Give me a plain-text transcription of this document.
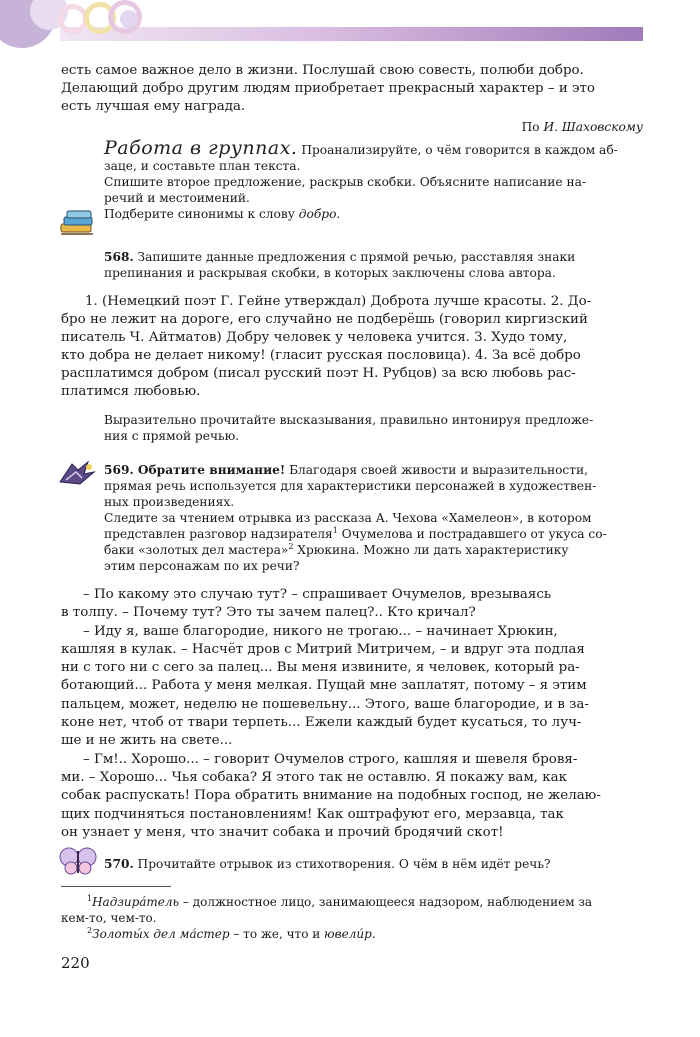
есть самое важное дело в жизни. Послушай свою совесть, полюби добро.
Делающий добро другим людям приобретает прекрасный характер – и это
есть лучшая ему награда.

По И. Шаховскому

Работа в группах. Проанализируйте, о чём говорится в каждом аб-
заце, и составьте план текста.
Спишите второе предложение, раскрыв скобки. Объясните написание на-
речий и местоимений.
Подберите синонимы к слову добро.

568. Запишите данные предложения с прямой речью, расставляя знаки
препинания и раскрывая скобки, в которых заключены слова автора.

1. (Немецкий поэт Г. Гейне утверждал) Доброта лучше красоты. 2. До-
бро не лежит на дороге, его случайно не подберёшь (говорил киргизский
писатель Ч. Айтматов) Добру человек у человека учится. 3. Худо тому,
кто добра не делает никому! (гласит русская пословица). 4. За всё добро
расплатимся добром (писал русский поэт Н. Рубцов) за всю любовь рас-
платимся любовью.

Выразительно прочитайте высказывания, правильно интонируя предложе-
ния с прямой речью.

569. Обратите внимание! Благодаря своей живости и выразительности,
прямая речь используется для характеристики персонажей в художествен-
ных произведениях.
Следите за чтением отрывка из рассказа А. Чехова «Хамелеон», в котором
представлен разговор надзирателя$^1$ Очумелова и пострадавшего от укуса со-
баки «золотых дел мастера»$^2$ Хрюкина. Можно ли дать характеристику
этим персонажам по их речи?

– По какому это случаю тут? – спрашивает Очумелов, врезываясь
в толпу. – Почему тут? Это ты зачем палец?.. Кто кричал?
– Иду я, ваше благородие, никого не трогаю... – начинает Хрюкин,
кашляя в кулак. – Насчёт дров с Митрий Митричем, – и вдруг эта подлая
ни с того ни с сего за палец... Вы меня извините, я человек, который ра-
ботающий... Работа у меня мелкая. Пущай мне заплатят, потому – я этим
пальцем, может, неделю не пошевельну... Этого, ваше благородие, и в за-
коне нет, чтоб от твари терпеть... Ежели каждый будет кусаться, то луч-
ше и не жить на свете...
– Гм!.. Хорошо... – говорит Очумелов строго, кашляя и шевеля бровя-
ми. – Хорошо... Чья собака? Я этого так не оставлю. Я покажу вам, как
собак распускать! Пора обратить внимание на подобных господ, не желаю-
щих подчиняться постановлениям! Как оштрафуют его, мерзавца, так
он узнает у меня, что значит собака и прочий бродячий скот!

570. Прочитайте отрывок из стихотворения. О чём в нём идёт речь?

$^1$Надзира́тель – должностное лицо, занимающееся надзором, наблюдением за
кем-то, чем-то.
$^2$Золоты́х дел ма́стер – то же, что и ювели́р.

220
